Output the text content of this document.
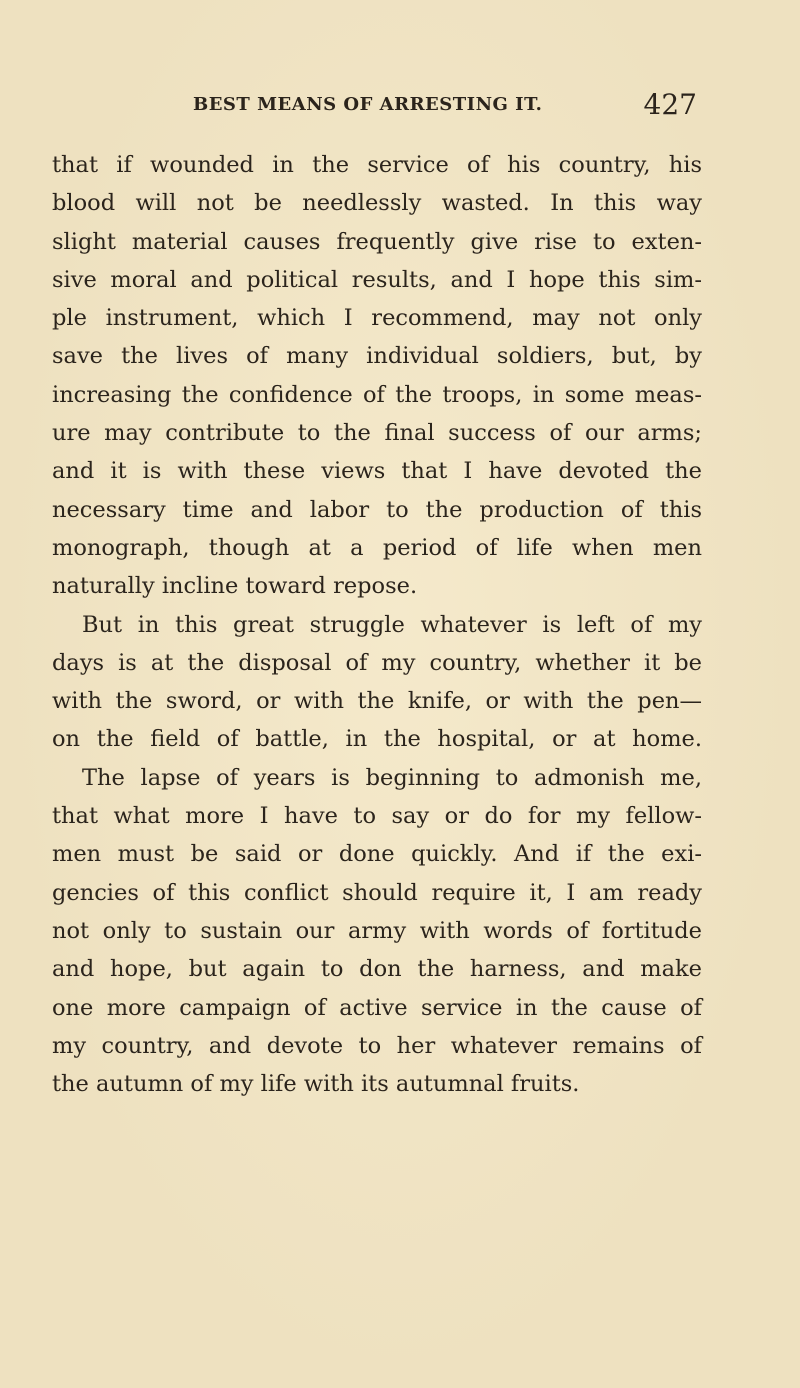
BEST MEANS OF ARRESTING IT.	427
that if wounded in the service of his country, his
blood will not be needlessly wasted. In this way
slight material causes frequently give rise to exten-
sive moral and political results, and I hope this sim-
ple instrument, which I recommend, may not only
save the lives of many individual soldiers, but, by
increasing the confidence of the troops, in some meas-
ure may contribute to the final success of our arms;
and it is with these views that I have devoted the
necessary time and labor to the production of this
monograph, though at a period of life when men
naturally incline toward repose.
But in this great struggle whatever is left of my
days is at the disposal of my country, whether it be
with the sword, or with the knife, or with the pen—
on the field of battle, in the hospital, or at home.
The lapse of years is beginning to admonish me,
that what more I have to say or do for my fellow-
men must be said or done quickly. And if the exi-
gencies of this conflict should require it, I am ready
not only to sustain our army with words of fortitude
and hope, but again to don the harness, and make
one more campaign of active service in the cause of
my country, and devote to her whatever remains of
the autumn of my life with its autumnal fruits.
